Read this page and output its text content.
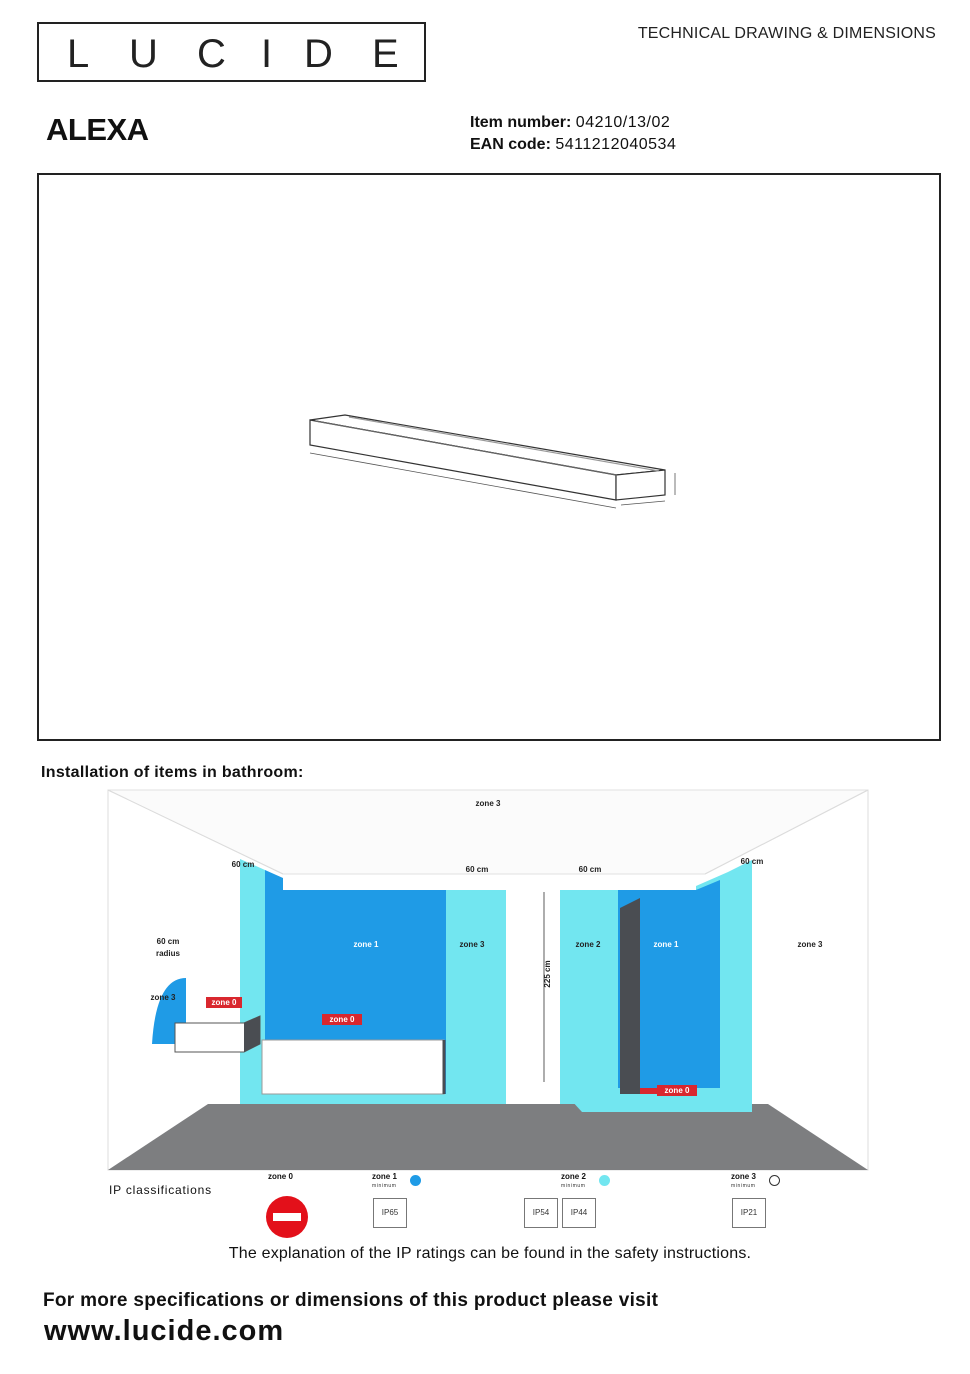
L U C I D E	TECHNICAL DRAWING & DIMENSIONS
ALEXA	Item number: 04210/13/02
EAN code: 5411212040534
Installation of items in bathroom:
zone 3
60 cm
60 cm	60 cm
60 cm
60 cm
radius
zone 3
zone 1	zone 3	zone 2	zone 1	zone 3
zone 0
zone 0
zone 0
225 cm
IP classifications
zone 0	zone 1
minimum
IP65
zone 2
minimum
IP54	IP44
zone 3
minimum
IP21
The explanation of the IP ratings can be found in the safety instructions.
For more specifications or dimensions of this product please visit
www.lucide.com
